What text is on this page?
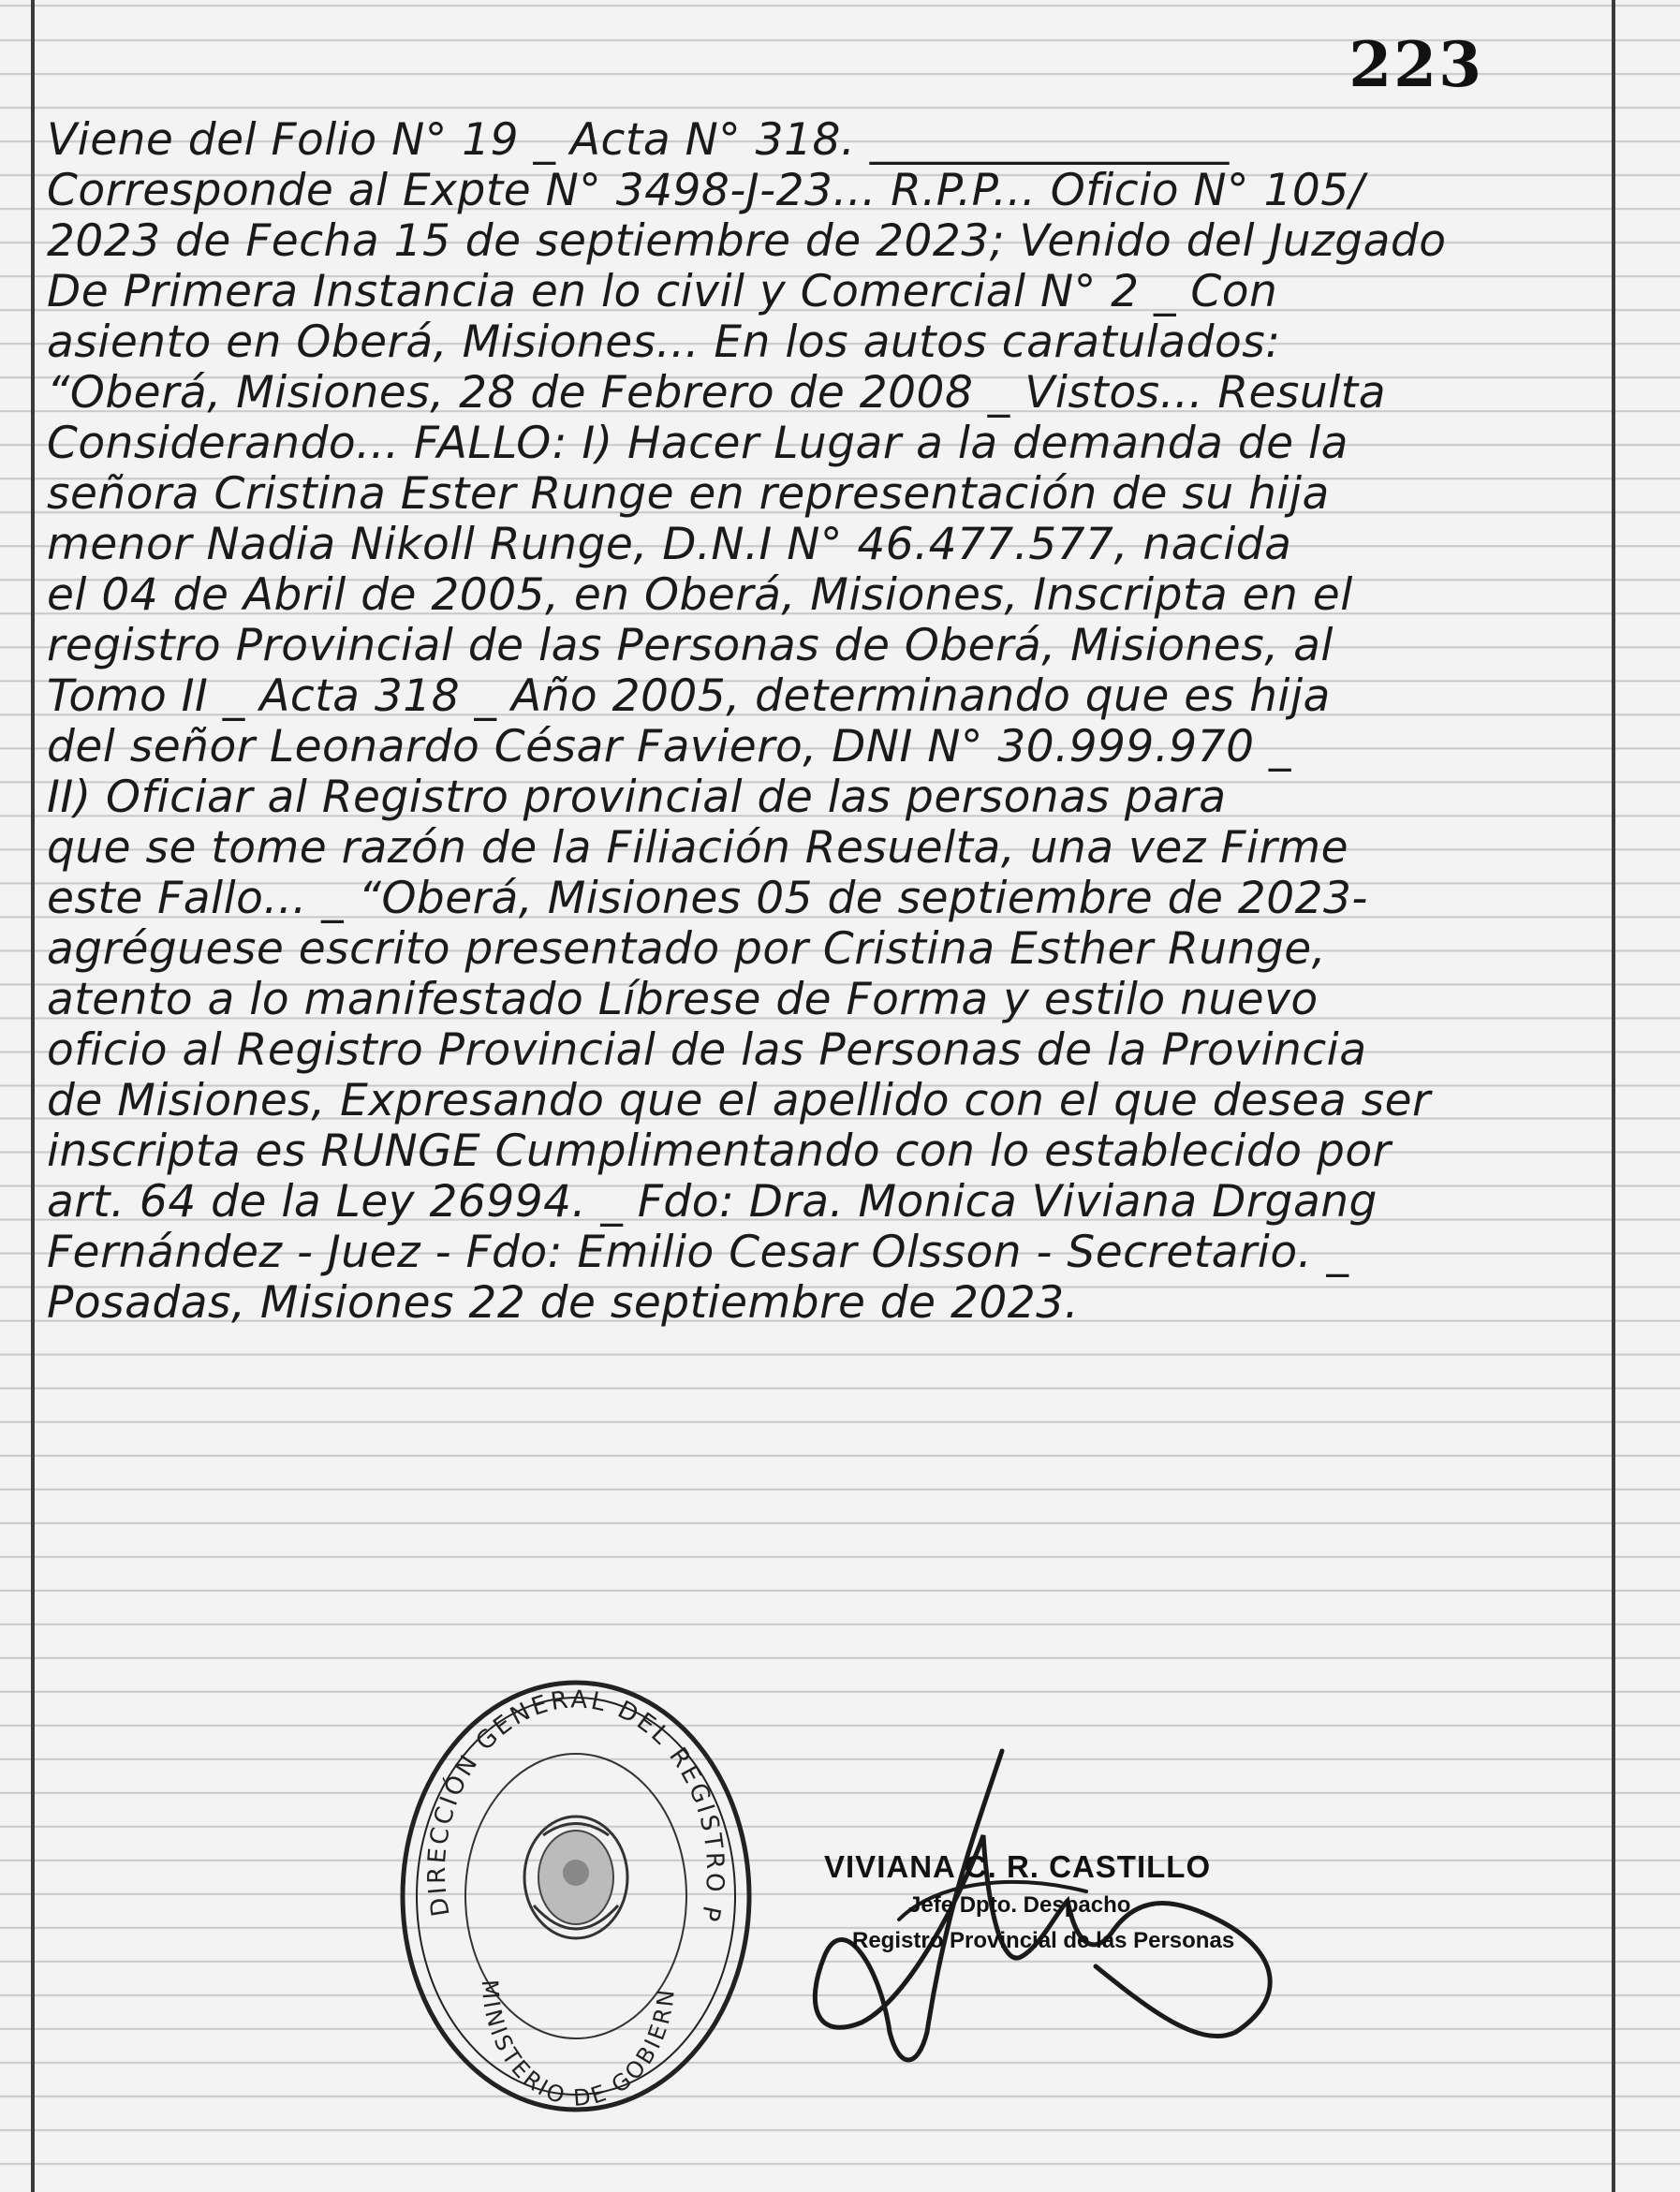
223
Viene del Folio N° 19 _ Acta N° 318. ________________
Corresponde al Expte N° 3498-J-23... R.P.P... Oficio N° 105/
2023 de Fecha 15 de septiembre de 2023; Venido del Juzgado
De Primera Instancia en lo civil y Comercial N° 2 _ Con
asiento en Oberá, Misiones... En los autos caratulados:
“Oberá, Misiones, 28 de Febrero de 2008 _ Vistos... Resulta
Considerando... FALLO: I) Hacer Lugar a la demanda de la
señora Cristina Ester Runge en representación de su hija
menor Nadia Nikoll Runge, D.N.I N° 46.477.577, nacida
el 04 de Abril de 2005, en Oberá, Misiones, Inscripta en el
registro Provincial de las Personas de Oberá, Misiones, al
Tomo II _ Acta 318 _ Año 2005, determinando que es hija
del señor Leonardo César Faviero, DNI N° 30.999.970 _
II) Oficiar al Registro provincial de las personas para
que se tome razón de la Filiación Resuelta, una vez Firme
este Fallo... _ “Oberá, Misiones 05 de septiembre de 2023-
agréguese escrito presentado por Cristina Esther Runge,
atento a lo manifestado Líbrese de Forma y estilo nuevo
oficio al Registro Provincial de las Personas de la Provincia
de Misiones, Expresando que el apellido con el que desea ser
inscripta es RUNGE Cumplimentando con lo establecido por
art. 64 de la Ley 26994. _ Fdo: Dra. Monica Viviana Drgang
Fernández - Juez - Fdo: Emilio Cesar Olsson - Secretario. _
Posadas, Misiones 22 de septiembre de 2023.
DIRECCIÓN GENERAL DEL REGISTRO P
MINISTERIO DE GOBIERN
VIVIANA C. R. CASTILLO
Jefe Dpto. Despacho
Registro Provincial de las Personas
